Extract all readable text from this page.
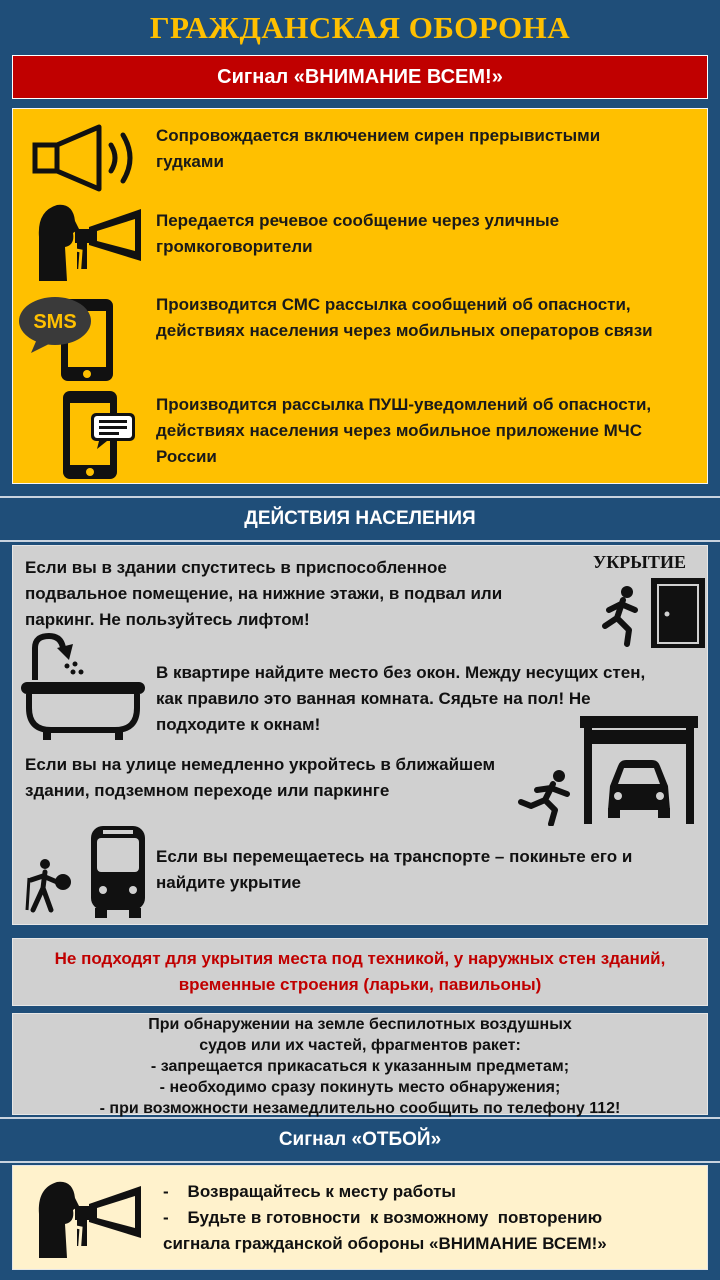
ГРАЖДАНСКАЯ ОБОРОНА
Сигнал «ВНИМАНИЕ ВСЕМ!»
Сопровождается включением сирен прерывистыми
гудками
Передается речевое сообщение через уличные
громкоговорители
SMS
Производится СМС рассылка сообщений об опасности,
действиях населения через мобильных операторов связи
Производится рассылка ПУШ-уведомлений об опасности,
действиях населения через мобильное приложение МЧС
России
ДЕЙСТВИЯ НАСЕЛЕНИЯ
Если вы в здании спуститесь в приспособленное
подвальное помещение, на нижние этажи, в подвал или
паркинг. Не пользуйтесь лифтом!
УКРЫТИЕ
В квартире найдите место без окон. Между несущих стен,
как правило это ванная комната. Сядьте на пол! Не
подходите к окнам!
Если вы на улице немедленно укройтесь в ближайшем
здании, подземном переходе или паркинге
Если вы перемещаетесь на транспорте – покиньте его и
найдите укрытие
Не подходят для укрытия места под техникой, у наружных стен зданий,
временные строения (ларьки, павильоны)
При обнаружении на земле беспилотных воздушных
судов или их частей, фрагментов ракет:
- запрещается прикасаться к указанным предметам;
- необходимо сразу покинуть место обнаружения;
- при возможности незамедлительно сообщить по телефону 112!
Сигнал «ОТБОЙ»
-    Возвращайтесь к месту работы
-    Будьте в готовности  к возможному  повторению
сигнала гражданской обороны «ВНИМАНИЕ ВСЕМ!»
